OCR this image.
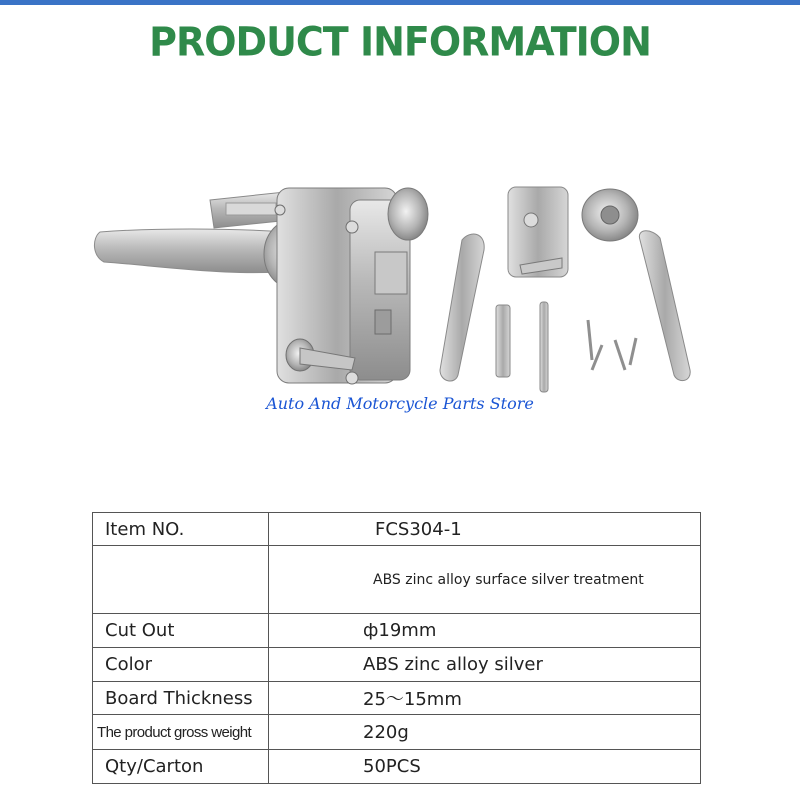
PRODUCT INFORMATION
Auto And Motorcycle Parts Store
Item NO.	FCS304-1
	ABS zinc alloy surface silver treatment
Cut Out	ф19mm
Color	ABS zinc alloy silver
Board Thickness	25～15mm
The product gross weight	220g
Qty/Carton	50PCS
